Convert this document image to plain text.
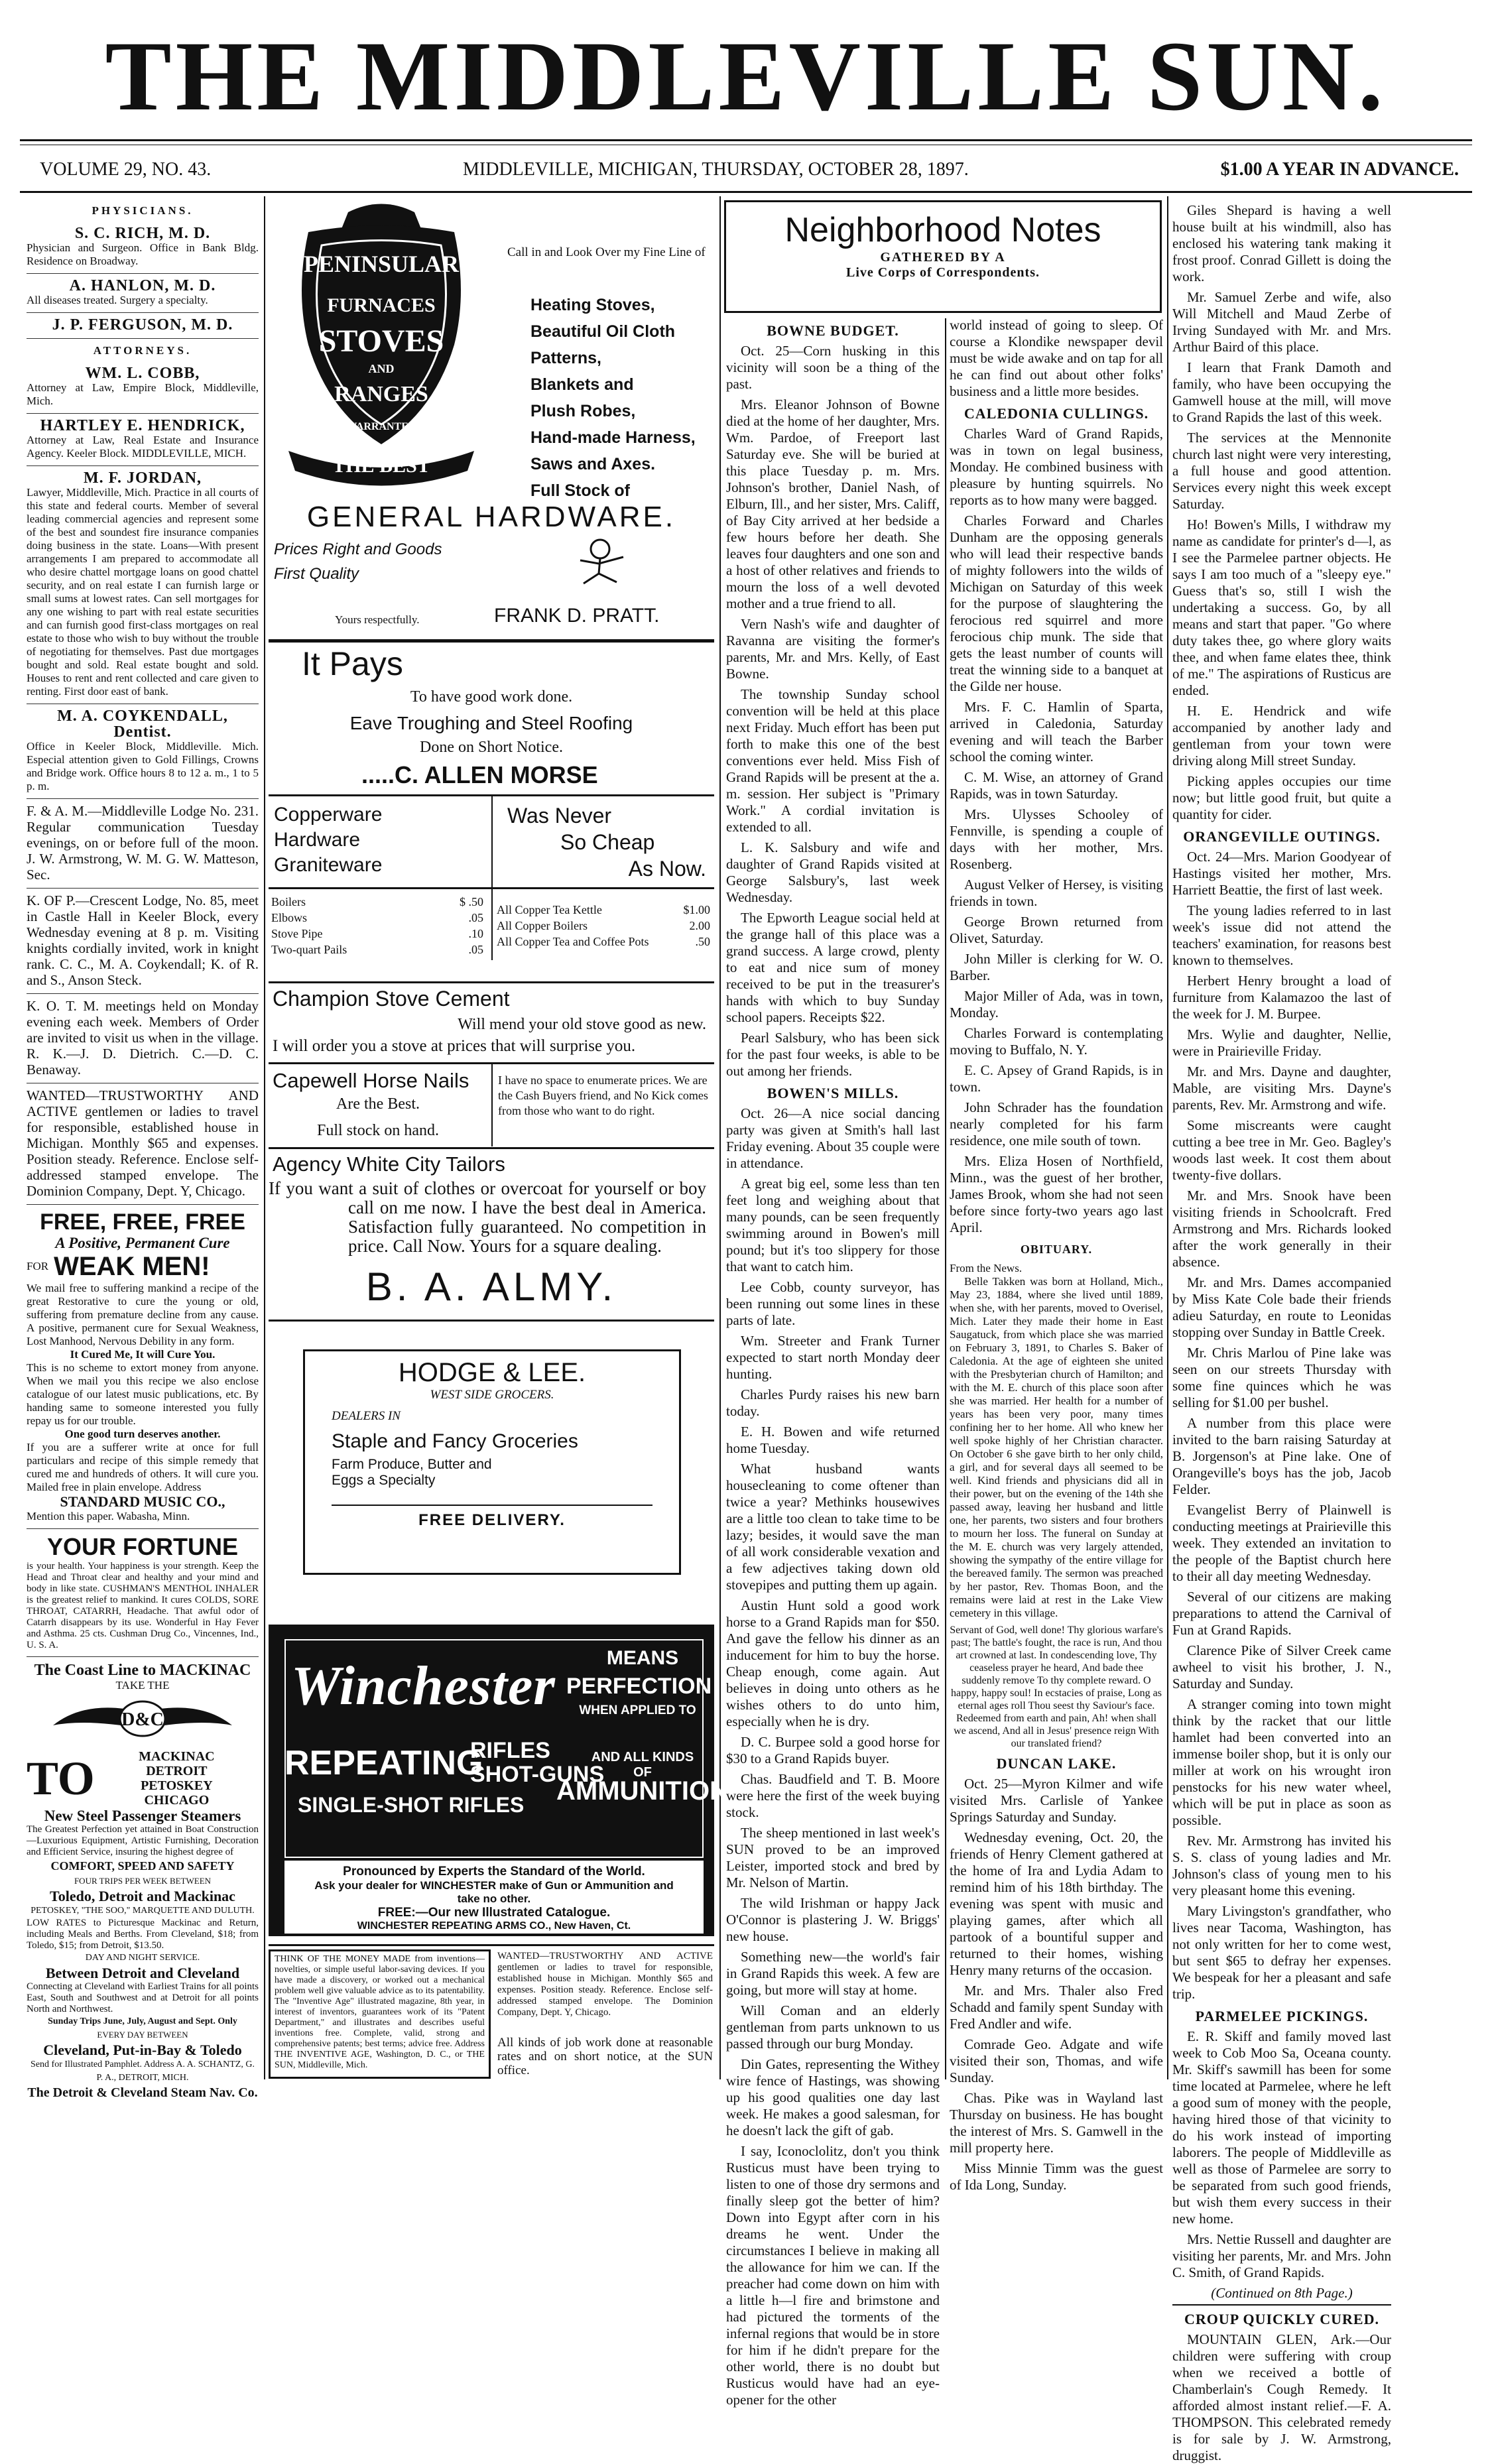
THE MIDDLEVILLE SUN.
VOLUME 29, NO. 43.	MIDDLEVILLE, MICHIGAN, THURSDAY, OCTOBER 28, 1897.	$1.00 A YEAR IN ADVANCE.
PHYSICIANS.
S. C. RICH, M. D.
Physician and Surgeon. Office in Bank Bldg. Residence on Broadway.
A. HANLON, M. D.
All diseases treated. Surgery a specialty.
J. P. FERGUSON, M. D.
ATTORNEYS.
WM. L. COBB,
Attorney at Law, Empire Block, Middleville, Mich.
HARTLEY E. HENDRICK,
Attorney at Law, Real Estate and Insurance Agency. Keeler Block. MIDDLEVILLE, MICH.
M. F. JORDAN,
Lawyer, Middleville, Mich. Practice in all courts of this state and federal courts. Member of several leading commercial agencies and represent some of the best and soundest fire insurance companies doing business in the state. Loans—With present arrangements I am prepared to accommodate all who desire chattel mortgage loans on good chattel security, and on real estate I can furnish large or small sums at lowest rates. Can sell mortgages for any one wishing to part with real estate securities and can furnish good first-class mortgages on real estate to those who wish to buy without the trouble of negotiating for themselves. Past due mortgages bought and sold. Real estate bought and sold. Houses to rent and rent collected and care given to renting. First door east of bank.
M. A. COYKENDALL, Dentist.
Office in Keeler Block, Middleville. Mich. Especial attention given to Gold Fillings, Crowns and Bridge work. Office hours 8 to 12 a. m., 1 to 5 p. m.
F. & A. M.—Middleville Lodge No. 231. Regular communication Tuesday evenings, on or before full of the moon. J. W. Armstrong, W. M. G. W. Matteson, Sec.
K. OF P.—Crescent Lodge, No. 85, meet in Castle Hall in Keeler Block, every Wednesday evening at 8 p. m. Visiting knights cordially invited, work in knight rank. C. C., M. A. Coykendall; K. of R. and S., Anson Steck.
K. O. T. M. meetings held on Monday evening each week. Members of Order are invited to visit us when in the village. R. K.—J. D. Dietrich. C.—D. C. Benaway.
WANTED—TRUSTWORTHY AND ACTIVE gentlemen or ladies to travel for responsible, established house in Michigan. Monthly $65 and expenses. Position steady. Reference. Enclose self-addressed stamped envelope. The Dominion Company, Dept. Y, Chicago.
FREE, FREE, FREE
A Positive, Permanent Cure
FOR WEAK MEN!
We mail free to suffering mankind a recipe of the great Restorative to cure the young or old, suffering from premature decline from any cause. A positive, permanent cure for Sexual Weakness, Lost Manhood, Nervous Debility in any form.
It Cured Me, It will Cure You.
This is no scheme to extort money from anyone. When we mail you this recipe we also enclose catalogue of our latest music publications, etc. By handing same to someone interested you fully repay us for our trouble.
One good turn deserves another.
If you are a sufferer write at once for full particulars and recipe of this simple remedy that cured me and hundreds of others. It will cure you. Mailed free in plain envelope. Address
STANDARD MUSIC CO.,
Mention this paper. Wabasha, Minn.
YOUR FORTUNE
is your health. Your happiness is your strength. Keep the Head and Throat clear and healthy and your mind and body in like state. CUSHMAN'S MENTHOL INHALER is the greatest relief to mankind. It cures COLDS, SORE THROAT, CATARRH, Headache. That awful odor of Catarrh disappears by its use. Wonderful in Hay Fever and Asthma. 25 cts. Cushman Drug Co., Vincennes, Ind., U. S. A.
The Coast Line to MACKINAC
TAKE THE
D&C
TO	MACKINAC
DETROIT
PETOSKEY
CHICAGO
New Steel Passenger Steamers
The Greatest Perfection yet attained in Boat Construction—Luxurious Equipment, Artistic Furnishing, Decoration and Efficient Service, insuring the highest degree of
COMFORT, SPEED AND SAFETY
FOUR TRIPS PER WEEK BETWEEN
Toledo, Detroit and Mackinac
PETOSKEY, "THE SOO," MARQUETTE AND DULUTH.
LOW RATES to Picturesque Mackinac and Return, including Meals and Berths. From Cleveland, $18; from Toledo, $15; from Detroit, $13.50.
DAY AND NIGHT SERVICE.
Between Detroit and Cleveland
Connecting at Cleveland with Earliest Trains for all points East, South and Southwest and at Detroit for all points North and Northwest.
Sunday Trips June, July, August and Sept. Only
EVERY DAY BETWEEN
Cleveland, Put-in-Bay & Toledo
Send for Illustrated Pamphlet. Address A. A. SCHANTZ, G. P. A., DETROIT, MICH.
The Detroit & Cleveland Steam Nav. Co.
PENINSULAR
FURNACES
STOVES
AND
RANGES
WARRANTED
THE BEST
Call in and Look Over my Fine Line of
Heating Stoves,
Beautiful Oil Cloth
Patterns,
Blankets and
Plush Robes,
Hand-made Harness,
Saws and Axes.
Full Stock of
GENERAL HARDWARE.
Prices Right and Goods
First Quality
Yours respectfully.	FRANK D. PRATT.
It Pays
To have good work done.
Eave Troughing and Steel Roofing
Done on Short Notice.
.....C. ALLEN MORSE
Copperware
Hardware
Graniteware
Was Never
So Cheap
As Now.
Boilers	$ .50
Elbows	.05
Stove Pipe	.10
Two-quart Pails	.05
All Copper Tea Kettle	$1.00
All Copper Boilers	2.00
All Copper Tea and Coffee Pots	.50
Champion Stove Cement
Will mend your old stove good as new.
I will order you a stove at prices that will surprise you.
Capewell Horse Nails
Are the Best.
Full stock on hand.
I have no space to enumerate prices. We are the Cash Buyers friend, and No Kick comes from those who want to do right.
Agency White City Tailors
If you want a suit of clothes or overcoat for yourself or boy call on me now. I have the best deal in America. Satisfaction fully guaranteed. No competition in price. Call Now. Yours for a square dealing.
B. A. ALMY.
HODGE & LEE.
WEST SIDE GROCERS.
DEALERS IN
Staple and Fancy Groceries
Farm Produce, Butter and Eggs a Specialty
FREE DELIVERY.
Winchester	MEANS
PERFECTION
WHEN APPLIED TO
REPEATING
RIFLES
SHOT-GUNS
SINGLE-SHOT RIFLES
AND ALL KINDS OF
AMMUNITION
Pronounced by Experts the Standard of the World.
Ask your dealer for WINCHESTER make of Gun or Ammunition and take no other.
FREE:—Our new Illustrated Catalogue.
WINCHESTER REPEATING ARMS CO., New Haven, Ct.
THINK OF THE MONEY MADE from inventions—novelties, or simple useful labor-saving devices. If you have made a discovery, or worked out a mechanical problem well give valuable advice as to its patentability. The "Inventive Age" illustrated magazine, 8th year, in interest of inventors, guarantees work of its "Patent Department," and illustrates and describes useful inventions free. Complete, valid, strong and comprehensive patents; best terms; advice free. Address THE INVENTIVE AGE, Washington, D. C., or THE SUN, Middleville, Mich.
WANTED—TRUSTWORTHY AND ACTIVE gentlemen or ladies to travel for responsible, established house in Michigan. Monthly $65 and expenses. Position steady. Reference. Enclose self-addressed stamped envelope. The Dominion Company, Dept. Y, Chicago.
All kinds of job work done at reasonable rates and on short notice, at the SUN office.
Neighborhood Notes
GATHERED BY A
Live Corps of Correspondents.
BOWNE BUDGET.

Oct. 25—Corn husking in this vicinity will soon be a thing of the past.

Mrs. Eleanor Johnson of Bowne died at the home of her daughter, Mrs. Wm. Pardoe, of Freeport last Saturday eve. She will be buried at this place Tuesday p. m. Mrs. Johnson's brother, Daniel Nash, of Elburn, Ill., and her sister, Mrs. Califf, of Bay City arrived at her bedside a few hours before her death. She leaves four daughters and one son and a host of other relatives and friends to mourn the loss of a well devoted mother and a true friend to all.

Vern Nash's wife and daughter of Ravanna are visiting the former's parents, Mr. and Mrs. Kelly, of East Bowne.

The township Sunday school convention will be held at this place next Friday. Much effort has been put forth to make this one of the best conventions ever held. Miss Fish of Grand Rapids will be present at the a. m. session. Her subject is "Primary Work." A cordial invitation is extended to all.

L. K. Salsbury and wife and daughter of Grand Rapids visited at George Salsbury's, last week Wednesday.

The Epworth League social held at the grange hall of this place was a grand success. A large crowd, plenty to eat and nice sum of money received to be put in the treasurer's hands with which to buy Sunday school papers. Receipts $22.

Pearl Salsbury, who has been sick for the past four weeks, is able to be out among her friends.

BOWEN'S MILLS.

Oct. 26—A nice social dancing party was given at Smith's hall last Friday evening. About 35 couple were in attendance.

A great big eel, some less than ten feet long and weighing about that many pounds, can be seen frequently swimming around in Bowen's mill pound; but it's too slippery for those that want to catch him.

Lee Cobb, county surveyor, has been running out some lines in these parts of late.

Wm. Streeter and Frank Turner expected to start north Monday deer hunting.

Charles Purdy raises his new barn today.

E. H. Bowen and wife returned home Tuesday.

What husband wants housecleaning to come oftener than twice a year? Methinks housewives are a little too clean to take time to be lazy; besides, it would save the man of all work considerable vexation and a few adjectives taking down old stovepipes and putting them up again.

Austin Hunt sold a good work horse to a Grand Rapids man for $50. And gave the fellow his dinner as an inducement for him to buy the horse. Cheap enough, come again. Aut believes in doing unto others as he wishes others to do unto him, especially when he is dry.

D. C. Burpee sold a good horse for $30 to a Grand Rapids buyer.

Chas. Baudfield and T. B. Moore were here the first of the week buying stock.

The sheep mentioned in last week's SUN proved to be an improved Leister, imported stock and bred by Mr. Nelson of Martin.

The wild Irishman or happy Jack O'Connor is plastering J. W. Briggs' new house.

Something new—the world's fair in Grand Rapids this week. A few are going, but more will stay at home.

Will Coman and an elderly gentleman from parts unknown to us passed through our burg Monday.

Din Gates, representing the Withey wire fence of Hastings, was showing up his good qualities one day last week. He makes a good salesman, for he doesn't lack the gift of gab.

I say, Iconoclolitz, don't you think Rusticus must have been trying to listen to one of those dry sermons and finally sleep got the better of him? Down into Egypt after corn in his dreams he went. Under the circumstances I believe in making all the allowance for him we can. If the preacher had come down on him with a little h—l fire and brimstone and had pictured the torments of the infernal regions that would be in store for him if he didn't prepare for the other world, there is no doubt but Rusticus would have had an eye-opener for the other

world instead of going to sleep. Of course a Klondike newspaper devil must be wide awake and on tap for all he can find out about other folks' business and a little more besides.

CALEDONIA CULLINGS.

Charles Ward of Grand Rapids, was in town on legal business, Monday. He combined business with pleasure by hunting squirrels. No reports as to how many were bagged.

Charles Forward and Charles Dunham are the opposing generals who will lead their respective bands of mighty followers into the wilds of Michigan on Saturday of this week for the purpose of slaughtering the ferocious red squirrel and more ferocious chip munk. The side that gets the least number of counts will treat the winning side to a banquet at the Gilde ner house.

Mrs. F. C. Hamlin of Sparta, arrived in Caledonia, Saturday evening and will teach the Barber school the coming winter.

C. M. Wise, an attorney of Grand Rapids, was in town Saturday.

Mrs. Ulysses Schooley of Fennville, is spending a couple of days with her mother, Mrs. Rosenberg.

August Velker of Hersey, is visiting friends in town.

George Brown returned from Olivet, Saturday.

John Miller is clerking for W. O. Barber.

Major Miller of Ada, was in town, Monday.

Charles Forward is contemplating moving to Buffalo, N. Y.

E. C. Apsey of Grand Rapids, is in town.

John Schrader has the foundation nearly completed for his farm residence, one mile south of town.

Mrs. Eliza Hosen of Northfield, Minn., was the guest of her brother, James Brook, whom she had not seen before since forty-two years ago last April.

OBITUARY.
From the News.

Belle Takken was born at Holland, Mich., May 23, 1884, where she lived until 1889, when she, with her parents, moved to Overisel, Mich. Later they made their home in East Saugatuck, from which place she was married on February 3, 1891, to Charles S. Baker of Caledonia. At the age of eighteen she united with the Presbyterian church of Hamilton; and with the M. E. church of this place soon after she was married. Her health for a number of years has been very poor, many times confining her to her home. All who knew her well spoke highly of her Christian character. On October 6 she gave birth to her only child, a girl, and for several days all seemed to be well. Kind friends and physicians did all in their power, but on the evening of the 14th she passed away, leaving her husband and little one, her parents, two sisters and four brothers to mourn her loss. The funeral on Sunday at the M. E. church was very largely attended, showing the sympathy of the entire village for the bereaved family. The sermon was preached by her pastor, Rev. Thomas Boon, and the remains were laid at rest in the Lake View cemetery in this village.

Servant of God, well done! Thy glorious warfare's past; The battle's fought, the race is run, And thou art crowned at last. In condescending love, Thy ceaseless prayer he heard, And bade thee suddenly remove To thy complete reward. O happy, happy soul! In ecstacies of praise, Long as eternal ages roll Thou seest thy Saviour's face. Redeemed from earth and pain, Ah! when shall we ascend, And all in Jesus' presence reign With our translated friend?
DUNCAN LAKE.

Oct. 25—Myron Kilmer and wife visited Mrs. Carlisle of Yankee Springs Saturday and Sunday.

Wednesday evening, Oct. 20, the friends of Henry Clement gathered at the home of Ira and Lydia Adam to remind him of his 18th birthday. The evening was spent with music and playing games, after which all partook of a bountiful supper and returned to their homes, wishing Henry many returns of the occasion.

Mr. and Mrs. Thaler also Fred Schadd and family spent Sunday with Fred Andler and wife.

Comrade Geo. Adgate and wife visited their son, Thomas, and wife Sunday.

Chas. Pike was in Wayland last Thursday on business. He has bought the interest of Mrs. S. Gamwell in the mill property here.

Miss Minnie Timm was the guest of Ida Long, Sunday.

Giles Shepard is having a well house built at his windmill, also has enclosed his watering tank making it frost proof. Conrad Gillett is doing the work.

Mr. Samuel Zerbe and wife, also Will Mitchell and Maud Zerbe of Irving Sundayed with Mr. and Mrs. Arthur Baird of this place.

I learn that Frank Damoth and family, who have been occupying the Gamwell house at the mill, will move to Grand Rapids the last of this week.

The services at the Mennonite church last night were very interesting, a full house and good attention. Services every night this week except Saturday.

Ho! Bowen's Mills, I withdraw my name as candidate for printer's d—l, as I see the Parmelee partner objects. He says I am too much of a "sleepy eye." Guess that's so, still I wish the undertaking a success. Go, by all means and start that paper. "Go where duty takes thee, go where glory waits thee, and when fame elates thee, think of me." The aspirations of Rusticus are ended.

H. E. Hendrick and wife accompanied by another lady and gentleman from your town were driving along Mill street Sunday.

Picking apples occupies our time now; but little good fruit, but quite a quantity for cider.

ORANGEVILLE OUTINGS.

Oct. 24—Mrs. Marion Goodyear of Hastings visited her mother, Mrs. Harriett Beattie, the first of last week.

The young ladies referred to in last week's issue did not attend the teachers' examination, for reasons best known to themselves.

Herbert Henry brought a load of furniture from Kalamazoo the last of the week for J. M. Burpee.

Mrs. Wylie and daughter, Nellie, were in Prairieville Friday.

Mr. and Mrs. Dayne and daughter, Mable, are visiting Mrs. Dayne's parents, Rev. Mr. Armstrong and wife.

Some miscreants were caught cutting a bee tree in Mr. Geo. Bagley's woods last week. It cost them about twenty-five dollars.

Mr. and Mrs. Snook have been visiting friends in Schoolcraft. Fred Armstrong and Mrs. Richards looked after the work generally in their absence.

Mr. and Mrs. Dames accompanied by Miss Kate Cole bade their friends adieu Saturday, en route to Leonidas stopping over Sunday in Battle Creek.

Mr. Chris Marlou of Pine lake was seen on our streets Thursday with some fine quinces which he was selling for $1.00 per bushel.

A number from this place were invited to the barn raising Saturday at B. Jorgenson's at Pine lake. One of Orangeville's boys has the job, Jacob Felder.

Evangelist Berry of Plainwell is conducting meetings at Prairieville this week. They extended an invitation to the people of the Baptist church here to their all day meeting Wednesday.

Several of our citizens are making preparations to attend the Carnival of Fun at Grand Rapids.

Clarence Pike of Silver Creek came awheel to visit his brother, J. N., Saturday and Sunday.

A stranger coming into town might think by the racket that our little hamlet had been converted into an immense boiler shop, but it is only our miller at work on his wrought iron penstocks for his new water wheel, which will be put in place as soon as possible.

Rev. Mr. Armstrong has invited his S. S. class of young ladies and Mr. Johnson's class of young men to his very pleasant home this evening.

Mary Livingston's grandfather, who lives near Tacoma, Washington, has not only written for her to come west, but sent $65 to defray her expenses. We bespeak for her a pleasant and safe trip.

PARMELEE PICKINGS.

E. R. Skiff and family moved last week to Cob Moo Sa, Oceana county. Mr. Skiff's sawmill has been for some time located at Parmelee, where he left a good sum of money with the people, having hired those of that vicinity to do his work instead of importing laborers. The people of Middleville as well as those of Parmelee are sorry to be separated from such good friends, but wish them every success in their new home.

Mrs. Nettie Russell and daughter are visiting her parents, Mr. and Mrs. John C. Smith, of Grand Rapids.

(Continued on 8th Page.)
CROUP QUICKLY CURED.

MOUNTAIN GLEN, Ark.—Our children were suffering with croup when we received a bottle of Chamberlain's Cough Remedy. It afforded almost instant relief.—F. A. THOMPSON. This celebrated remedy is for sale by J. W. Armstrong, druggist.
